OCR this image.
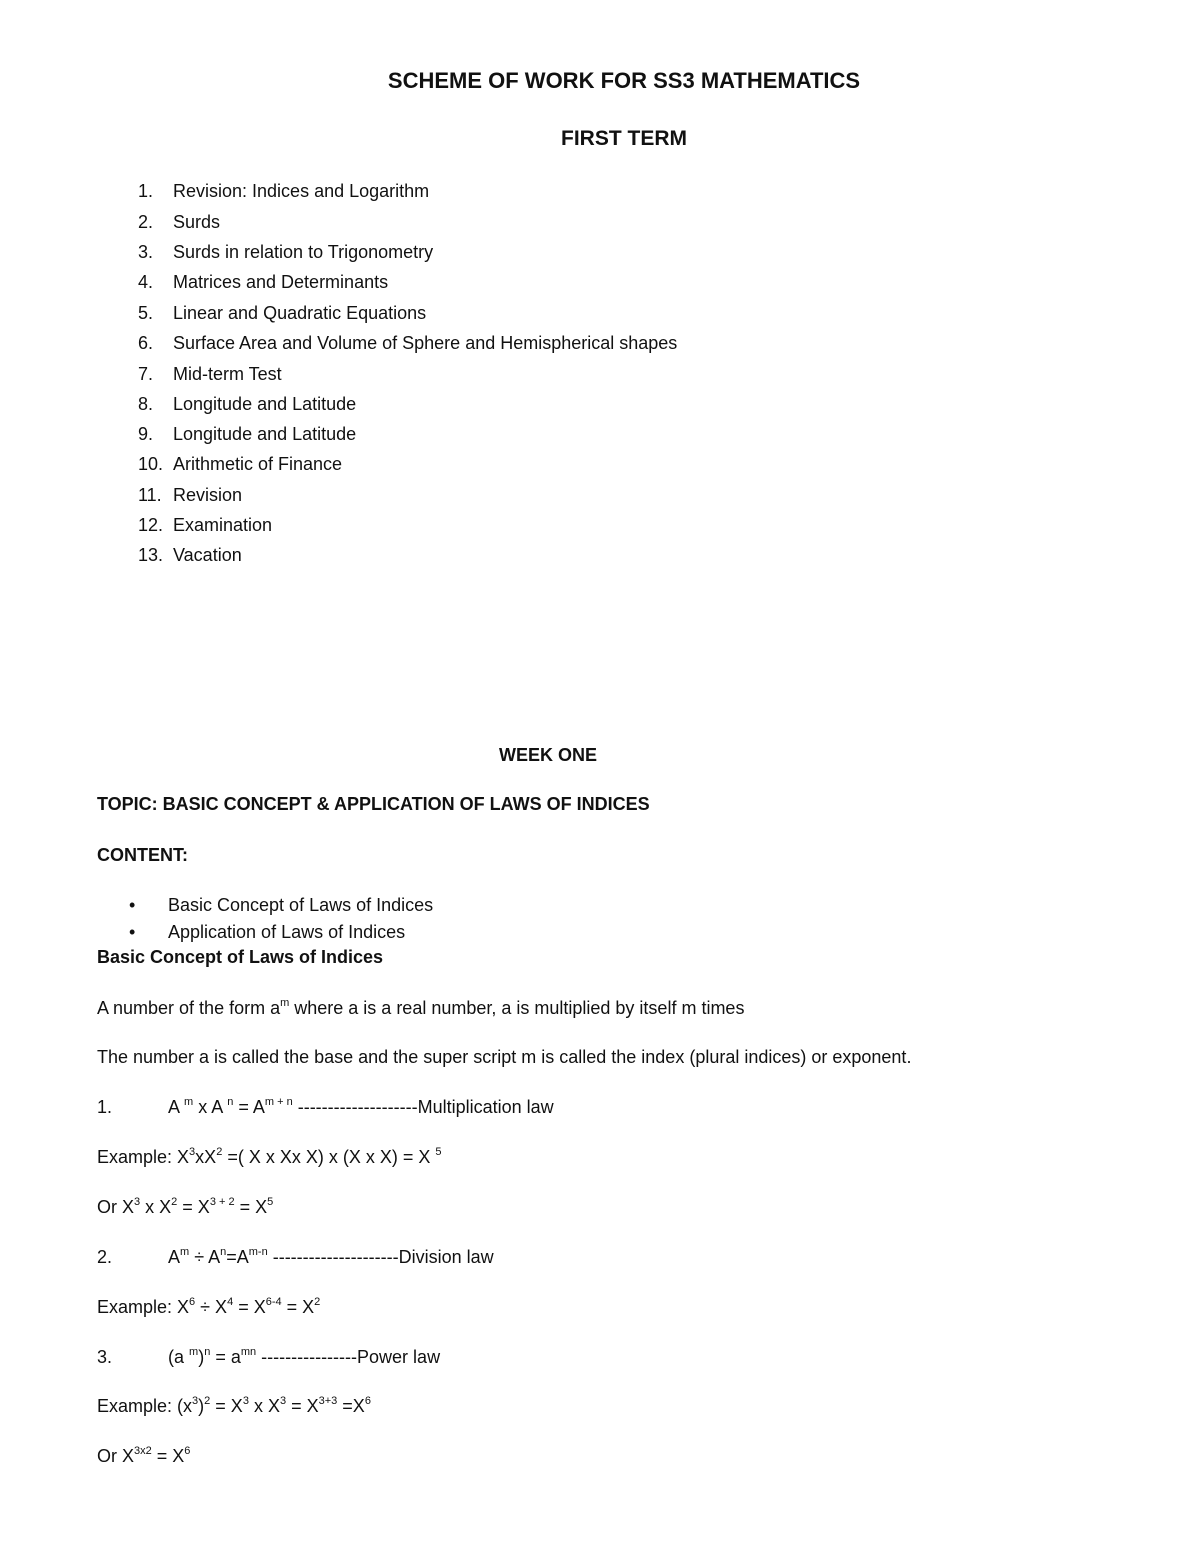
SCHEME OF WORK FOR SS3 MATHEMATICS
FIRST TERM
1. Revision: Indices and Logarithm
2. Surds
3. Surds in relation to Trigonometry
4. Matrices and Determinants
5. Linear and Quadratic Equations
6. Surface Area and Volume of Sphere and Hemispherical shapes
7. Mid-term Test
8. Longitude and Latitude
9. Longitude and Latitude
10. Arithmetic of Finance
11. Revision
12. Examination
13. Vacation
WEEK ONE
TOPIC: BASIC CONCEPT & APPLICATION OF LAWS OF INDICES
CONTENT:
• Basic Concept of Laws of Indices
• Application of Laws of Indices
Basic Concept of Laws of Indices
A number of the form $a^m$ where a is a real number, a is multiplied by itself m times
The number a is called the base and the super script m is called the index (plural indices) or exponent.
1.	A $^m$ x A $^n = A^{m + n}$ --------------------Multiplication law
Example: $X^3xX^2$ =( X x Xx X) x (X x X) = X $^5$
Or $X^3$ x $X^2 = X^{3 + 2} = X^5$
2.	$A^m \div A^n=A^{m-n}$ ---------------------Division law
Example: $X^6 \div X^4 = X^{6-4} = X^2$
3.	(a $^m)^n = a^{mn}$ ----------------Power law
Example: $(x^3)^2 = X^3$ x $X^3 = X^{3+3} =X^6$
Or $X^{3x2} = X^6$
